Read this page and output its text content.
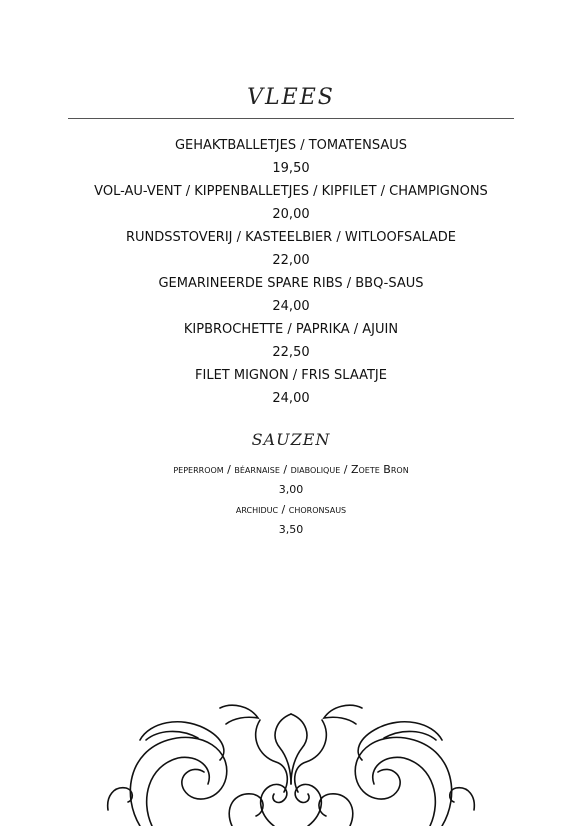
VLEES
GEHAKTBALLETJES / TOMATENSAUS
19,50
VOL-AU-VENT / KIPPENBALLETJES / KIPFILET / CHAMPIGNONS
20,00
RUNDSSTOVERIJ / KASTEELBIER / WITLOOFSALADE
22,00
GEMARINEERDE SPARE RIBS / BBQ-SAUS
24,00
KIPBROCHETTE / PAPRIKA / AJUIN
22,50
FILET MIGNON / FRIS SLAATJE
24,00
SAUZEN
peperroom / béarnaise / diabolique / Zoete Bron
3,00
archiduc / choronsaus
3,50
